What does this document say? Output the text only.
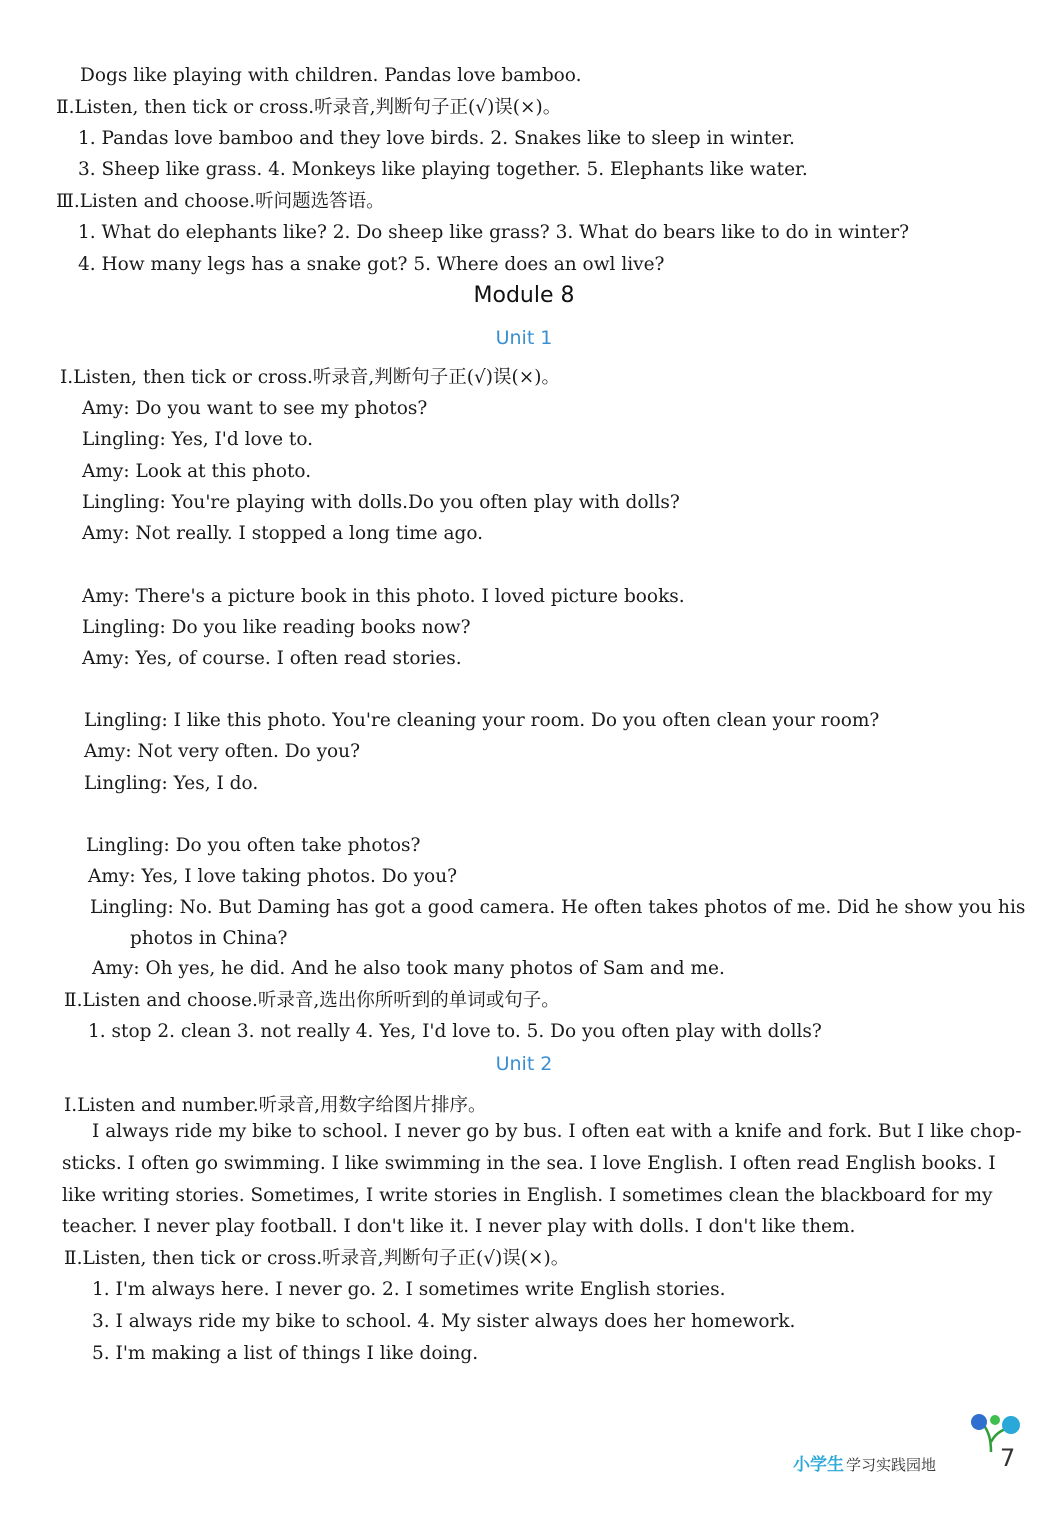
Dogs like playing with children. Pandas love bamboo.
Ⅱ.Listen, then tick or cross.听录音,判断句子正(√)误(×)。
1. Pandas love bamboo and they love birds. 2. Snakes like to sleep in winter.
3. Sheep like grass. 4. Monkeys like playing together. 5. Elephants like water.
Ⅲ.Listen and choose.听问题选答语。
1. What do elephants like? 2. Do sheep like grass? 3. What do bears like to do in winter?
4. How many legs has a snake got? 5. Where does an owl live?
Ⅰ.Listen, then tick or cross.听录音,判断句子正(√)误(×)。
Amy: Do you want to see my photos?
Lingling: Yes, I'd love to.
Amy: Look at this photo.
Lingling: You're playing with dolls.Do you often play with dolls?
Amy: Not really. I stopped a long time ago.
Amy: There's a picture book in this photo. I loved picture books.
Lingling: Do you like reading books now?
Amy: Yes, of course. I often read stories.
Lingling: I like this photo. You're cleaning your room. Do you often clean your room?
Amy: Not very often. Do you?
Lingling: Yes, I do.
Lingling: Do you often take photos?
Amy: Yes, I love taking photos. Do you?
Lingling: No. But Daming has got a good camera. He often takes photos of me. Did he show you his
photos in China?
Amy: Oh yes, he did. And he also took many photos of Sam and me.
Ⅱ.Listen and choose.听录音,选出你所听到的单词或句子。
1. stop 2. clean 3. not really 4. Yes, I'd love to. 5. Do you often play with dolls?
Ⅰ.Listen and number.听录音,用数字给图片排序。
I always ride my bike to school. I never go by bus. I often eat with a knife and fork. But I like chop-
sticks. I often go swimming. I like swimming in the sea. I love English. I often read English books. I
like writing stories. Sometimes, I write stories in English. I sometimes clean the blackboard for my
teacher. I never play football. I don't like it. I never play with dolls. I don't like them.
Ⅱ.Listen, then tick or cross.听录音,判断句子正(√)误(×)。
1. I'm always here. I never go. 2. I sometimes write English stories.
3. I always ride my bike to school. 4. My sister always does her homework.
5. I'm making a list of things I like doing.
Module 8
Unit 1
Unit 2
小学生 学习实践园地	7
